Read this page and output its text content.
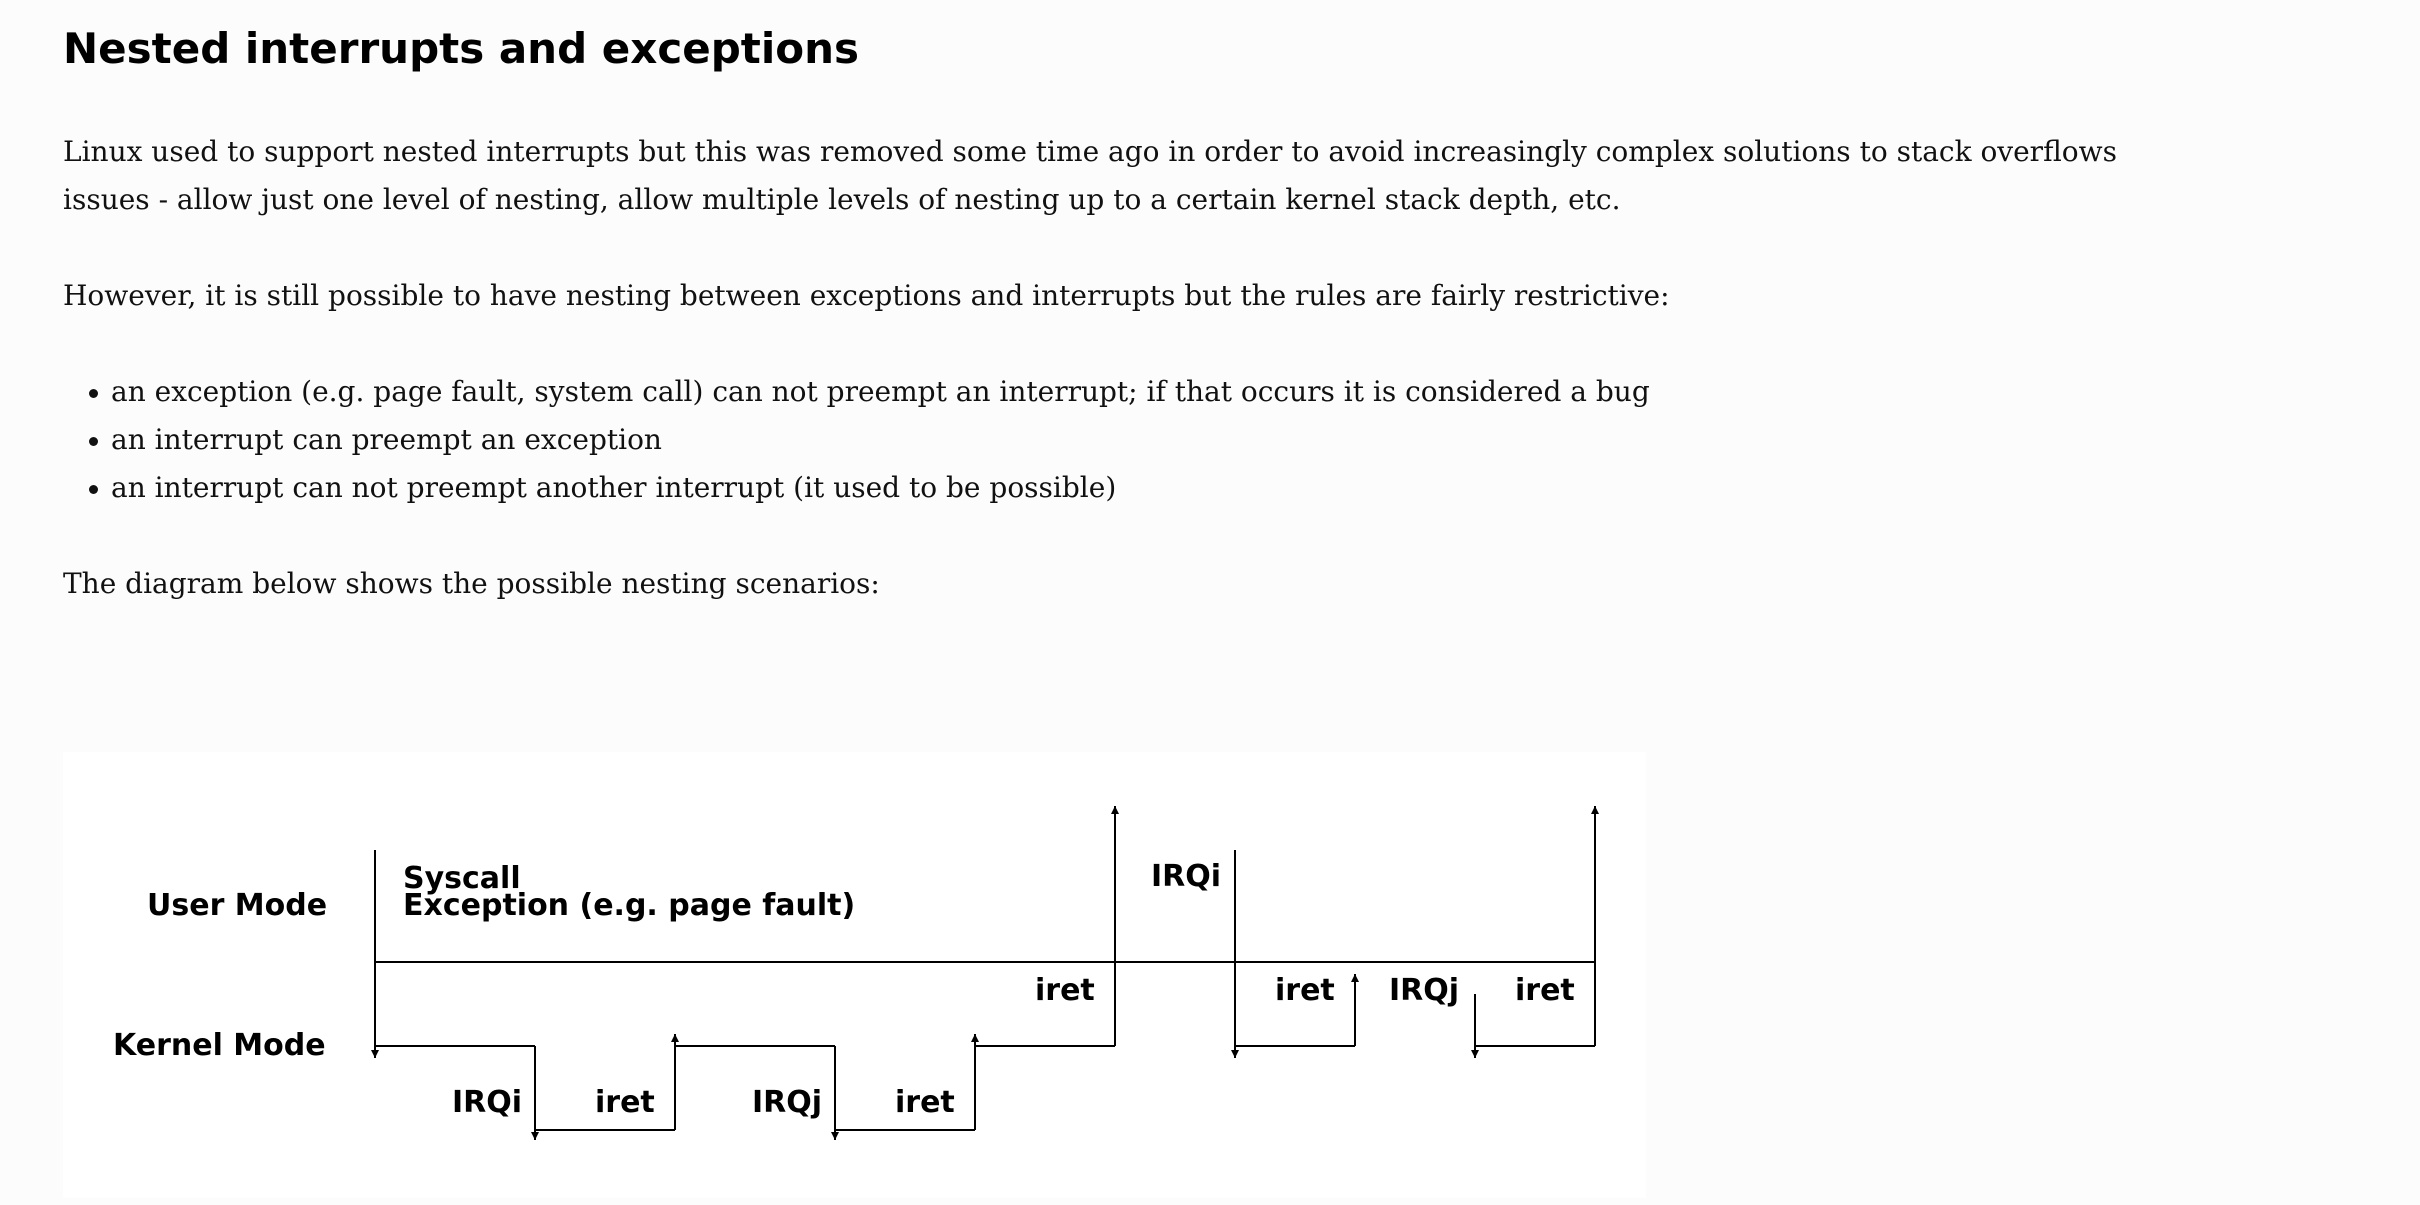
Nested interrupts and exceptions

Linux used to support nested interrupts but this was removed some time ago in order to avoid increasingly complex solutions to stack overflows
issues - allow just one level of nesting, allow multiple levels of nesting up to a certain kernel stack depth, etc.

However, it is still possible to have nesting between exceptions and interrupts but the rules are fairly restrictive:

an exception (e.g. page fault, system call) can not preempt an interrupt; if that occurs it is considered a bug
an interrupt can preempt an exception
an interrupt can not preempt another interrupt (it used to be possible)

The diagram below shows the possible nesting scenarios:

User Mode
Kernel Mode
Syscall
Exception (e.g. page fault)
IRQi iret	IRQj iret
iret
IRQi
iret IRQj iret
